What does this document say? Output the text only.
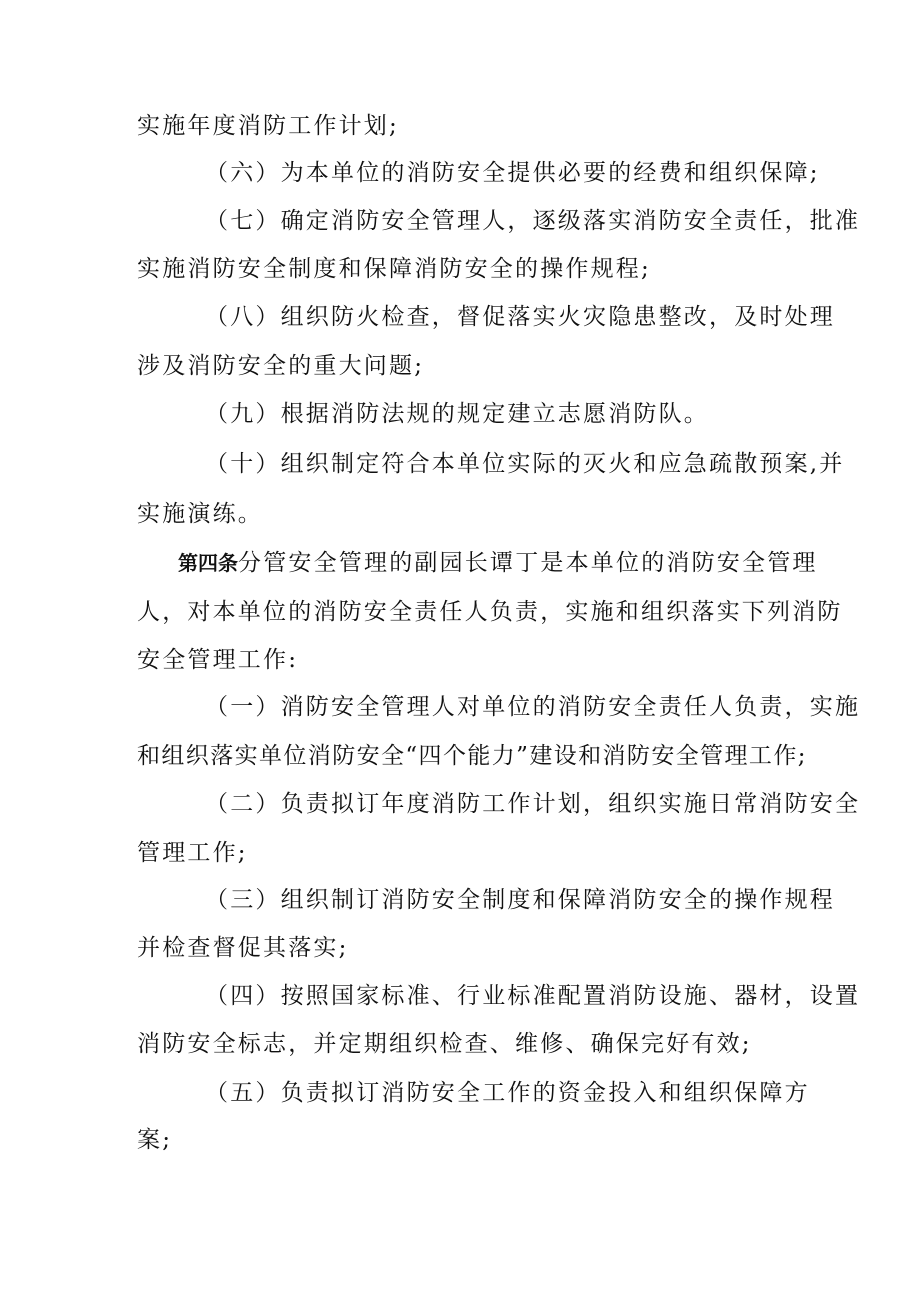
实施年度消防工作计划;
（六）为本单位的消防安全提供必要的经费和组织保障;
（七）确定消防安全管理人，逐级落实消防安全责任，批准
实施消防安全制度和保障消防安全的操作规程;
（八）组织防火检查，督促落实火灾隐患整改，及时处理
涉及消防安全的重大问题;
（九）根据消防法规的规定建立志愿消防队。
（十）组织制定符合本单位实际的灭火和应急疏散预案,并
实施演练。
第四条分管安全管理的副园长谭丁是本单位的消防安全管理
人，对本单位的消防安全责任人负责，实施和组织落实下列消防
安全管理工作:
（一）消防安全管理人对单位的消防安全责任人负责，实施
和组织落实单位消防安全“四个能力”建设和消防安全管理工作;
（二）负责拟订年度消防工作计划，组织实施日常消防安全
管理工作;
（三）组织制订消防安全制度和保障消防安全的操作规程
并检查督促其落实;
（四）按照国家标准、行业标准配置消防设施、器材，设置
消防安全标志，并定期组织检查、维修、确保完好有效;
（五）负责拟订消防安全工作的资金投入和组织保障方
案;
